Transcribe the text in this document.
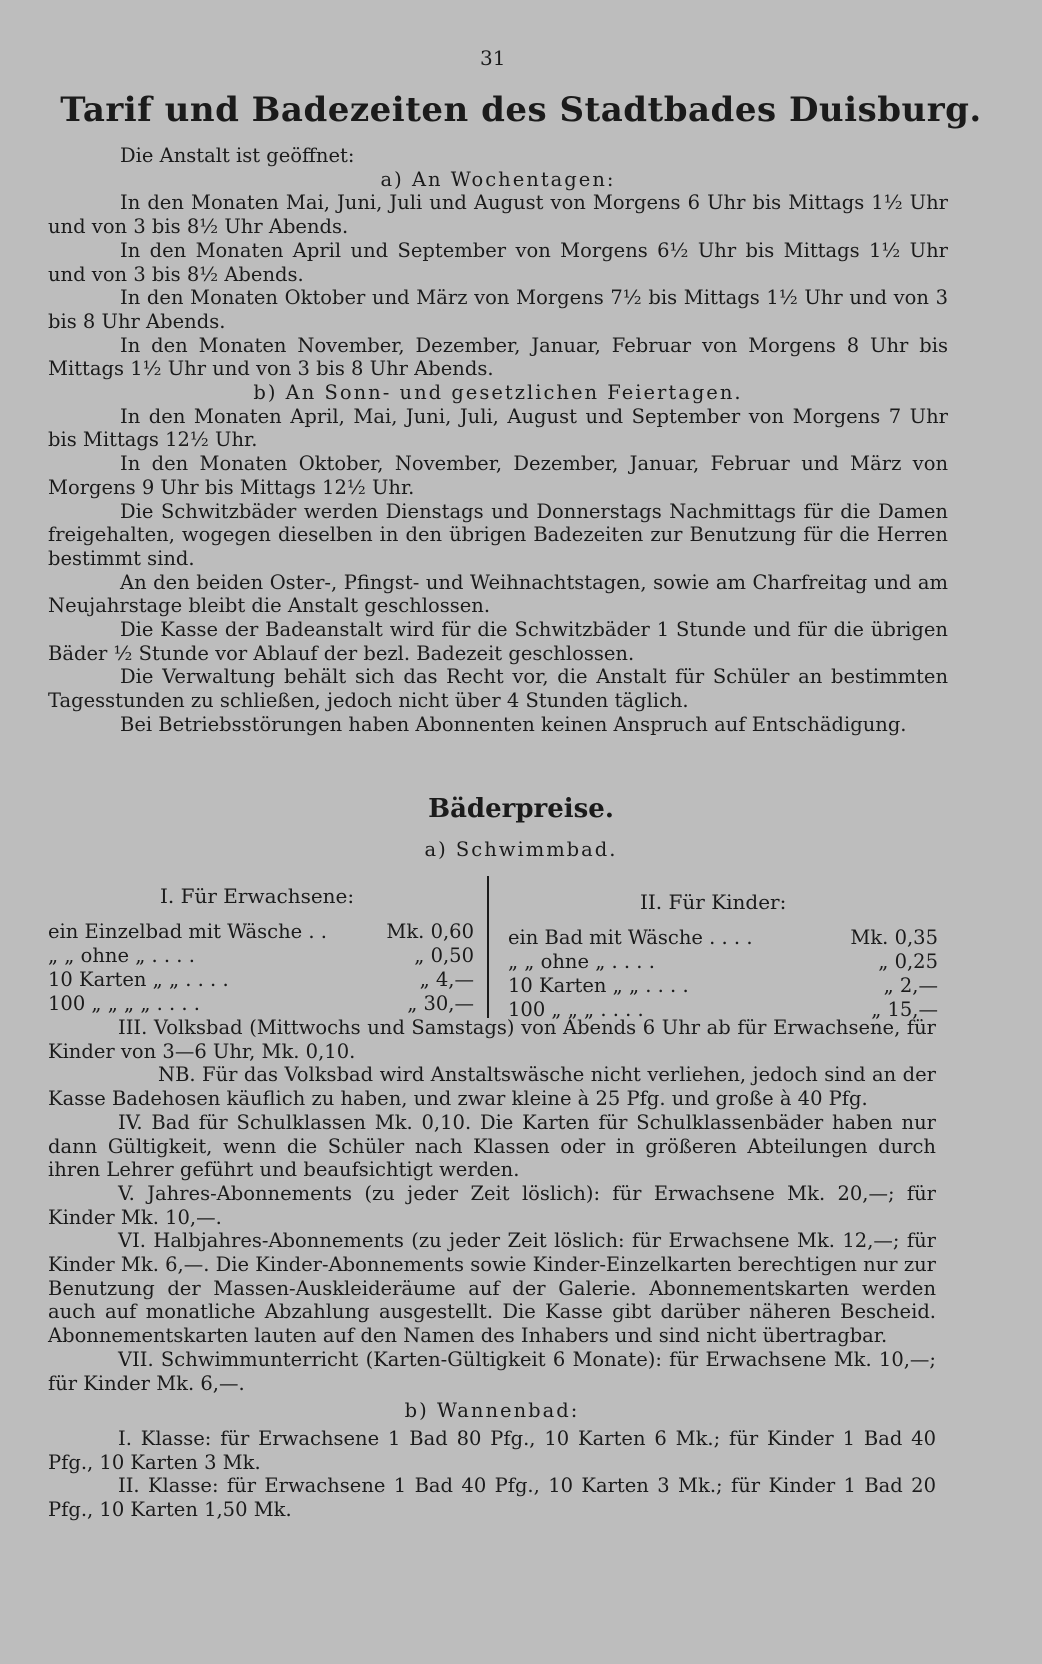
31
Tarif und Badezeiten des Stadtbades Duisburg.

Die Anstalt ist geöffnet:

a) An Wochentagen:

In den Monaten Mai, Juni, Juli und August von Morgens 6 Uhr bis Mittags 1½ Uhr und von 3 bis 8½ Uhr Abends.

In den Monaten April und September von Morgens 6½ Uhr bis Mittags 1½ Uhr und von 3 bis 8½ Abends.

In den Monaten Oktober und März von Morgens 7½ bis Mittags 1½ Uhr und von 3 bis 8 Uhr Abends.

In den Monaten November, Dezember, Januar, Februar von Morgens 8 Uhr bis Mittags 1½ Uhr und von 3 bis 8 Uhr Abends.

b) An Sonn- und gesetzlichen Feiertagen.

In den Monaten April, Mai, Juni, Juli, August und September von Morgens 7 Uhr bis Mittags 12½ Uhr.

In den Monaten Oktober, November, Dezember, Januar, Februar und März von Morgens 9 Uhr bis Mittags 12½ Uhr.

Die Schwitzbäder werden Dienstags und Donnerstags Nachmittags für die Damen freigehalten, wogegen dieselben in den übrigen Badezeiten zur Benutzung für die Herren bestimmt sind.

An den beiden Oster-, Pfingst- und Weihnachtstagen, sowie am Charfreitag und am Neujahrstage bleibt die Anstalt geschlossen.

Die Kasse der Badeanstalt wird für die Schwitzbäder 1 Stunde und für die übrigen Bäder ½ Stunde vor Ablauf der bezl. Badezeit geschlossen.

Die Verwaltung behält sich das Recht vor, die Anstalt für Schüler an bestimmten Tagesstunden zu schließen, jedoch nicht über 4 Stunden täglich.

Bei Betriebsstörungen haben Abonnenten keinen Anspruch auf Entschädigung.

Bäderpreise.
a) Schwimmbad.
I. Für Erwachsene:	II. Für Kinder:
ein Einzelbad mit Wäsche . .	Mk. 0,60
„ „ ohne „ . . . .	„ 0,50
10 Karten „ „ . . . .	„ 4,—
100 „ „ „ „ . . . .	„ 30,—
ein Bad mit Wäsche . . . .	Mk. 0,35
„ „ ohne „ . . . .	„ 0,25
10 Karten „ „ . . . .	„ 2,—
100 „ „ „ . . . .	„ 15,—

III. Volksbad (Mittwochs und Samstags) von Abends 6 Uhr ab für Erwachsene, für Kinder von 3—6 Uhr, Mk. 0,10.

NB. Für das Volksbad wird Anstaltswäsche nicht verliehen, jedoch sind an der Kasse Badehosen käuflich zu haben, und zwar kleine à 25 Pfg. und große à 40 Pfg.

IV. Bad für Schulklassen Mk. 0,10. Die Karten für Schulklassenbäder haben nur dann Gültigkeit, wenn die Schüler nach Klassen oder in größeren Abteilungen durch ihren Lehrer geführt und beaufsichtigt werden.

V. Jahres-Abonnements (zu jeder Zeit löslich): für Erwachsene Mk. 20,—; für Kinder Mk. 10,—.

VI. Halbjahres-Abonnements (zu jeder Zeit löslich: für Erwachsene Mk. 12,—; für Kinder Mk. 6,—. Die Kinder-Abonnements sowie Kinder-Einzelkarten berechtigen nur zur Benutzung der Massen-Auskleideräume auf der Galerie. Abonnementskarten werden auch auf monatliche Abzahlung ausgestellt. Die Kasse gibt darüber näheren Bescheid. Abonnementskarten lauten auf den Namen des Inhabers und sind nicht übertragbar.

VII. Schwimmunterricht (Karten-Gültigkeit 6 Monate): für Erwachsene Mk. 10,—; für Kinder Mk. 6,—.

b) Wannenbad:

I. Klasse: für Erwachsene 1 Bad 80 Pfg., 10 Karten 6 Mk.; für Kinder 1 Bad 40 Pfg., 10 Karten 3 Mk.

II. Klasse: für Erwachsene 1 Bad 40 Pfg., 10 Karten 3 Mk.; für Kinder 1 Bad 20 Pfg., 10 Karten 1,50 Mk.
